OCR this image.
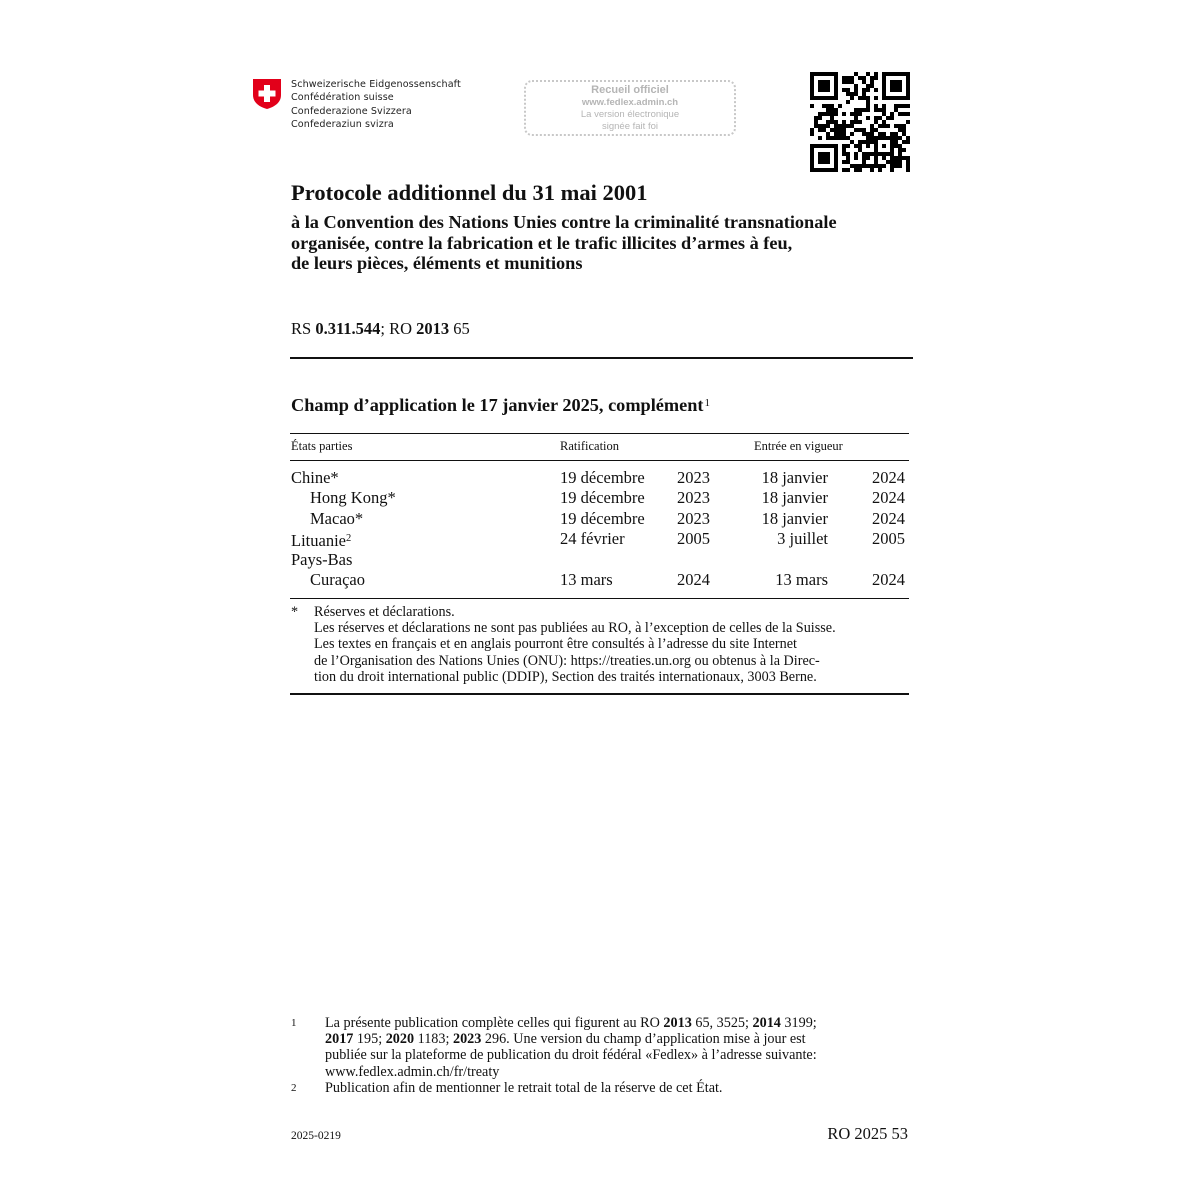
Schweizerische Eidgenossenschaft
Confédération suisse
Confederazione Svizzera
Confederaziun svizra
Recueil officiel
www.fedlex.admin.ch
La version électronique
signée fait foi
Protocole additionnel du 31 mai 2001
à la Convention des Nations Unies contre la criminalité transnationale
organisée, contre la fabrication et le trafic illicites d’armes à feu,
de leurs pièces, éléments et munitions
RS 0.311.544; RO 2013 65
Champ d’application le 17 janvier 2025, complément$^1$
États parties	Ratification	Entrée en vigueur
Chine*	19 décembre	2023	18 janvier	2024
Hong Kong*	19 décembre	2023	18 janvier	2024
Macao*	19 décembre	2023	18 janvier	2024
Lituanie$^2$	24 février	2005	3 juillet	2005
Pays-Bas
Curaçao	13 mars	2024	13 mars	2024
* Réserves et déclarations.
Les réserves et déclarations ne sont pas publiées au RO, à l’exception de celles de la Suisse.
Les textes en français et en anglais pourront être consultés à l’adresse du site Internet
de l’Organisation des Nations Unies (ONU): https://treaties.un.org ou obtenus à la Direc-
tion du droit international public (DDIP), Section des traités internationaux, 3003 Berne.
1 La présente publication complète celles qui figurent au RO 2013 65, 3525; 2014 3199;
2017 195; 2020 1183; 2023 296. Une version du champ d’application mise à jour est
publiée sur la plateforme de publication du droit fédéral «Fedlex» à l’adresse suivante:
www.fedlex.admin.ch/fr/treaty
2 Publication afin de mentionner le retrait total de la réserve de cet État.
2025-0219	RO 2025 53
